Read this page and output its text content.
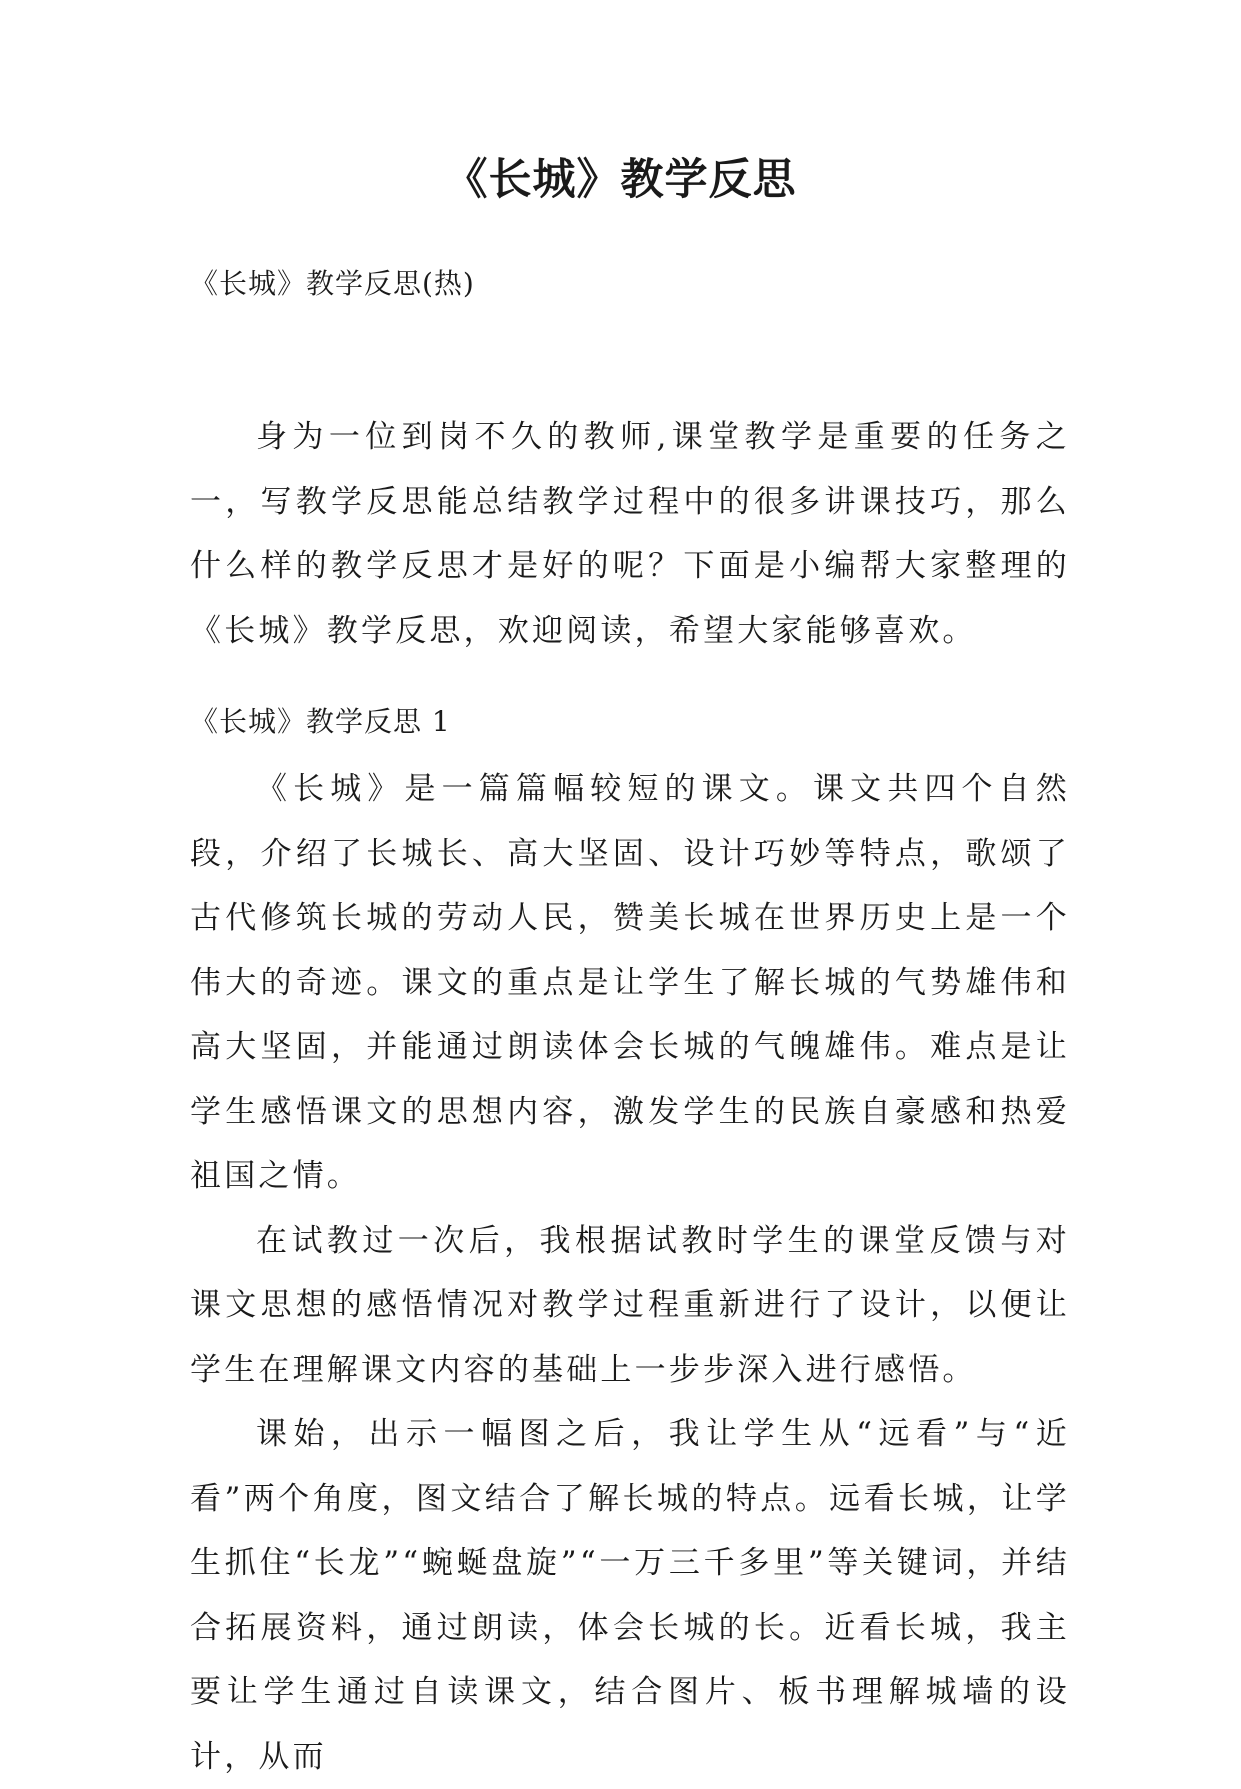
《长城》教学反思

《长城》教学反思(热)

身为一位到岗不久的教师,课堂教学是重要的任务之一，写教学反思能总结教学过程中的很多讲课技巧，那么什么样的教学反思才是好的呢？下面是小编帮大家整理的《长城》教学反思，欢迎阅读，希望大家能够喜欢。

《长城》教学反思 1

《长城》是一篇篇幅较短的课文。课文共四个自然段，介绍了长城长、高大坚固、设计巧妙等特点，歌颂了古代修筑长城的劳动人民，赞美长城在世界历史上是一个伟大的奇迹。课文的重点是让学生了解长城的气势雄伟和高大坚固，并能通过朗读体会长城的气魄雄伟。难点是让学生感悟课文的思想内容，激发学生的民族自豪感和热爱祖国之情。

在试教过一次后，我根据试教时学生的课堂反馈与对课文思想的感悟情况对教学过程重新进行了设计，以便让学生在理解课文内容的基础上一步步深入进行感悟。

课始，出示一幅图之后，我让学生从“远看”与“近看”两个角度，图文结合了解长城的特点。远看长城，让学生抓住“长龙”“蜿蜒盘旋”“一万三千多里”等关键词，并结合拓展资料，通过朗读，体会长城的长。近看长城，我主要让学生通过自读课文，结合图片、板书理解城墙的设计，从而
